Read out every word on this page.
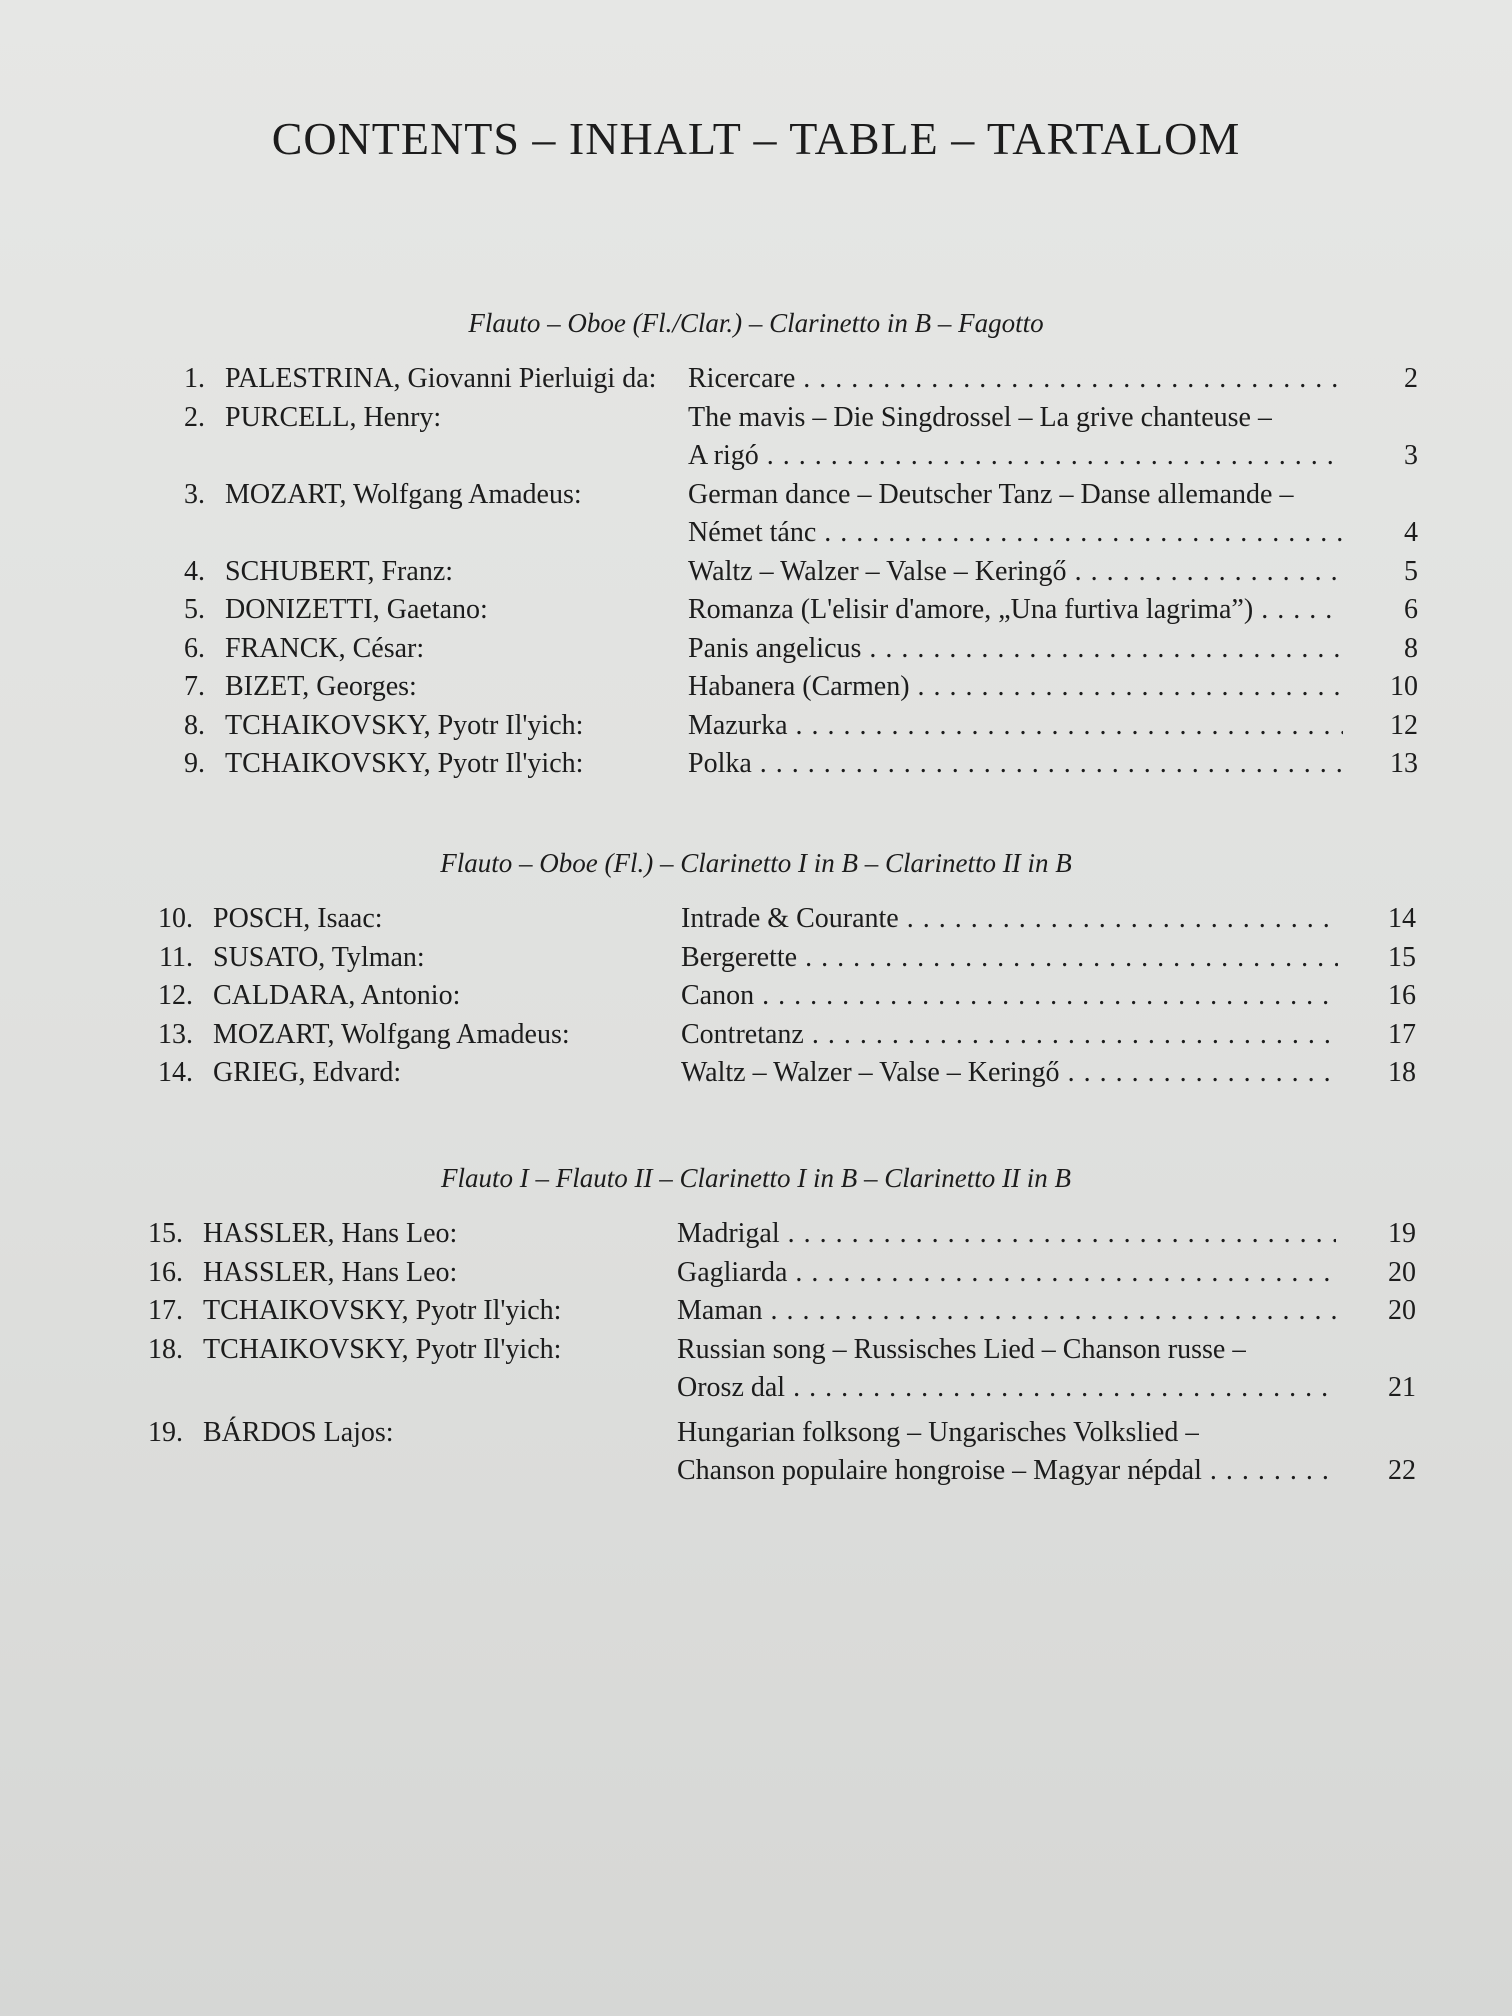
CONTENTS – INHALT – TABLE – TARTALOM

Flauto – Oboe (Fl./Clar.) – Clarinetto in B – Fagotto

1. PALESTRINA, Giovanni Pierluigi da: Ricercare . . .	2
2. PURCELL, Henry:	The mavis – Die Singdrossel – La grive chanteuse –
A rigó . . .	3
3. MOZART, Wolfgang Amadeus:	German dance – Deutscher Tanz – Danse allemande –
Német tánc . . .	4
4. SCHUBERT, Franz:	Waltz – Walzer – Valse – Keringő . . .	5
5. DONIZETTI, Gaetano:	Romanza (L'elisir d'amore, „Una furtiva lagrima”) . . .	6
6. FRANCK, César:	Panis angelicus . . .	8
7. BIZET, Georges:	Habanera (Carmen) . . .	10
8. TCHAIKOVSKY, Pyotr Il'yich:	Mazurka . . .	12
9. TCHAIKOVSKY, Pyotr Il'yich:	Polka . . .	13

Flauto – Oboe (Fl.) – Clarinetto I in B – Clarinetto II in B

10. POSCH, Isaac:	Intrade & Courante . . .	14
11. SUSATO, Tylman:	Bergerette . . .	15
12. CALDARA, Antonio:	Canon . . .	16
13. MOZART, Wolfgang Amadeus:	Contretanz . . .	17
14. GRIEG, Edvard:	Waltz – Walzer – Valse – Keringő . . .	18

Flauto I – Flauto II – Clarinetto I in B – Clarinetto II in B

15. HASSLER, Hans Leo:	Madrigal . . .	19
16. HASSLER, Hans Leo:	Gagliarda . . .	20
17. TCHAIKOVSKY, Pyotr Il'yich:	Maman . . .	20
18. TCHAIKOVSKY, Pyotr Il'yich:	Russian song – Russisches Lied – Chanson russe –
Orosz dal . . .	21
19. BÁRDOS Lajos:	Hungarian folksong – Ungarisches Volkslied –
Chanson populaire hongroise – Magyar népdal . . .	22
